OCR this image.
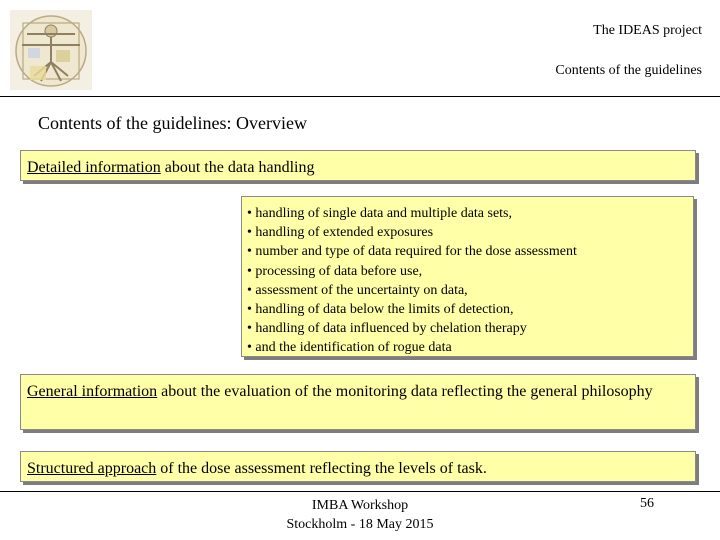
The IDEAS project
Contents of the guidelines
Contents of the guidelines: Overview
Detailed information about the data handling
• handling of single data and multiple data sets,
• handling of extended exposures
• number and type of data required for the dose assessment
• processing of data before use,
• assessment of the uncertainty on data,
• handling of data below the limits of detection,
• handling of data influenced by chelation therapy
• and the identification of rogue data
General information about the evaluation of the monitoring data reflecting the general philosophy
Structured approach of the dose assessment reflecting the levels of task.
IMBA Workshop
Stockholm - 18 May 2015
56
